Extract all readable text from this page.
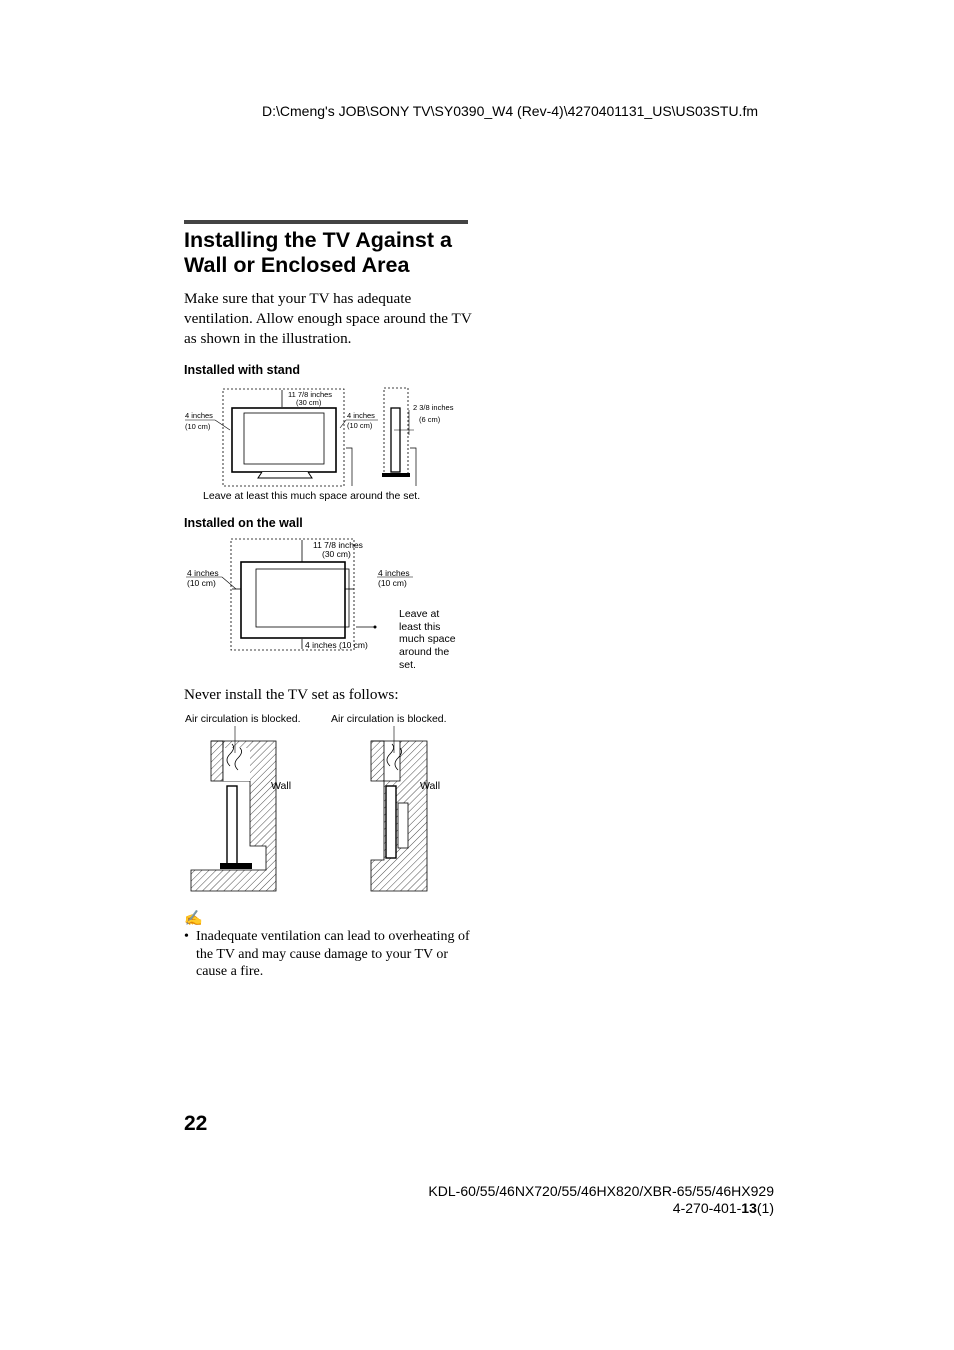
D:\Cmeng's JOB\SONY TV\SY0390_W4 (Rev-4)\4270401131_US\US03STU.fm
Installing the TV Against a Wall or Enclosed Area

Make sure that your TV has adequate ventilation. Allow enough space around the TV as shown in the illustration.

Installed with stand
11 7/8 inches
(30 cm)
4 inches
(10 cm)
4 inches
(10 cm)
2 3/8 inches
(6 cm)
Leave at least this much space around the set.
Installed on the wall
11 7/8 inches
(30 cm)
4 inches
(10 cm)
4 inches
(10 cm)
4 inches (10 cm)
Leave at
least this
much space
around the
set.
Never install the TV set as follows:
Air circulation is blocked.	Air circulation is blocked.
Wall	Wall
✍
• Inadequate ventilation can lead to overheating of the TV and may cause damage to your TV or cause a fire.
22
KDL-60/55/46NX720/55/46HX820/XBR-65/55/46HX929
4-270-401-13(1)
